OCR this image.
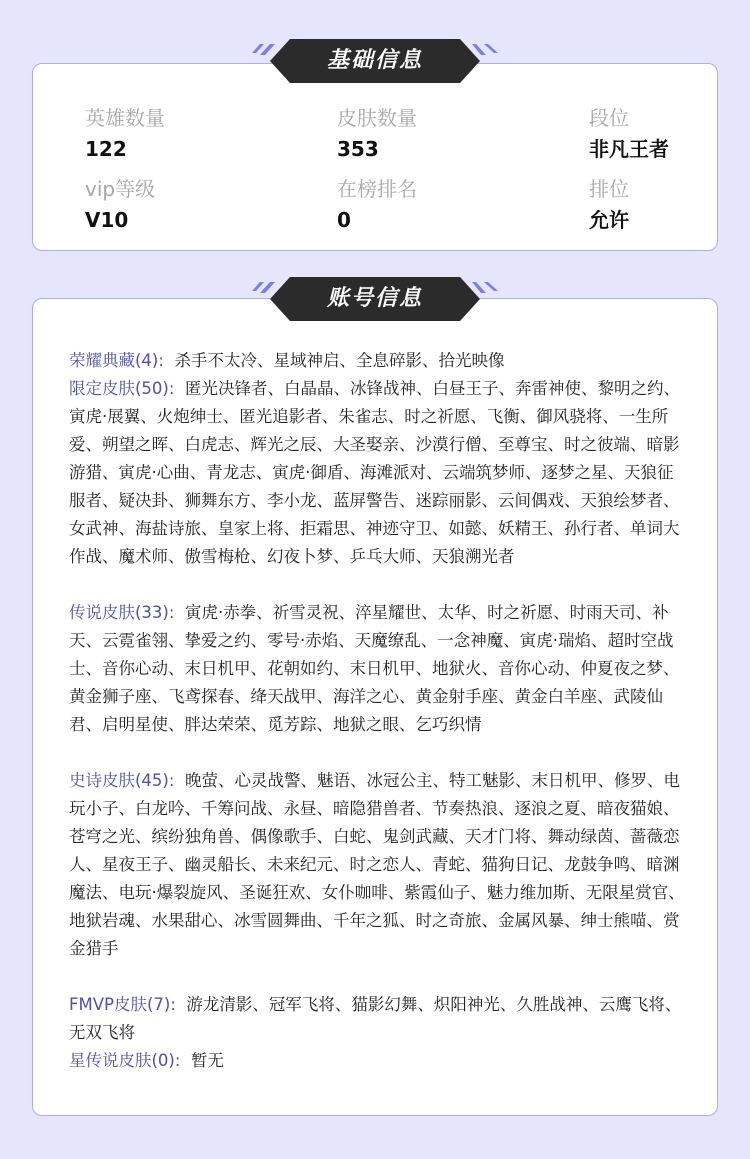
英雄数量
122
皮肤数量
353
段位
非凡王者
vip等级
V10
在榜排名
0
排位
允许
基础信息
荣耀典藏(4): 杀手不太冷、星域神启、全息碎影、拾光映像
限定皮肤(50): 匿光决锋者、白晶晶、冰锋战神、白昼王子、奔雷神使、黎明之约、寅虎·展翼、火炮绅士、匿光追影者、朱雀志、时之祈愿、飞衡、御风骁将、一生所爱、朔望之晖、白虎志、辉光之辰、大圣娶亲、沙漠行僧、至尊宝、时之彼端、暗影游猎、寅虎·心曲、青龙志、寅虎·御盾、海滩派对、云端筑梦师、逐梦之星、天狼征服者、疑决卦、狮舞东方、李小龙、蓝屏警告、迷踪丽影、云间偶戏、天狼绘梦者、女武神、海盐诗旅、皇家上将、拒霜思、神迹守卫、如懿、妖精王、孙行者、单词大作战、魔术师、傲雪梅枪、幻夜卜梦、乒乓大师、天狼溯光者
传说皮肤(33): 寅虎·赤拳、祈雪灵祝、淬星耀世、太华、时之祈愿、时雨天司、补天、云霓雀翎、挚爱之约、零号·赤焰、天魔缭乱、一念神魔、寅虎·瑞焰、超时空战士、音你心动、末日机甲、花朝如约、末日机甲、地狱火、音你心动、仲夏夜之梦、黄金狮子座、飞鸢探春、绛天战甲、海洋之心、黄金射手座、黄金白羊座、武陵仙君、启明星使、胖达荣荣、觅芳踪、地狱之眼、乞巧织情
史诗皮肤(45): 晚萤、心灵战警、魅语、冰冠公主、特工魅影、末日机甲、修罗、电玩小子、白龙吟、千筹问战、永昼、暗隐猎兽者、节奏热浪、逐浪之夏、暗夜猫娘、苍穹之光、缤纷独角兽、偶像歌手、白蛇、鬼剑武藏、天才门将、舞动绿茵、蔷薇恋人、星夜王子、幽灵船长、未来纪元、时之恋人、青蛇、猫狗日记、龙鼓争鸣、暗渊魔法、电玩·爆裂旋风、圣诞狂欢、女仆咖啡、紫霞仙子、魅力维加斯、无限星赏官、地狱岩魂、水果甜心、冰雪圆舞曲、千年之狐、时之奇旅、金属风暴、绅士熊喵、赏金猎手
FMVP皮肤(7): 游龙清影、冠军飞将、猫影幻舞、炽阳神光、久胜战神、云鹰飞将、无双飞将
星传说皮肤(0): 暂无
账号信息
